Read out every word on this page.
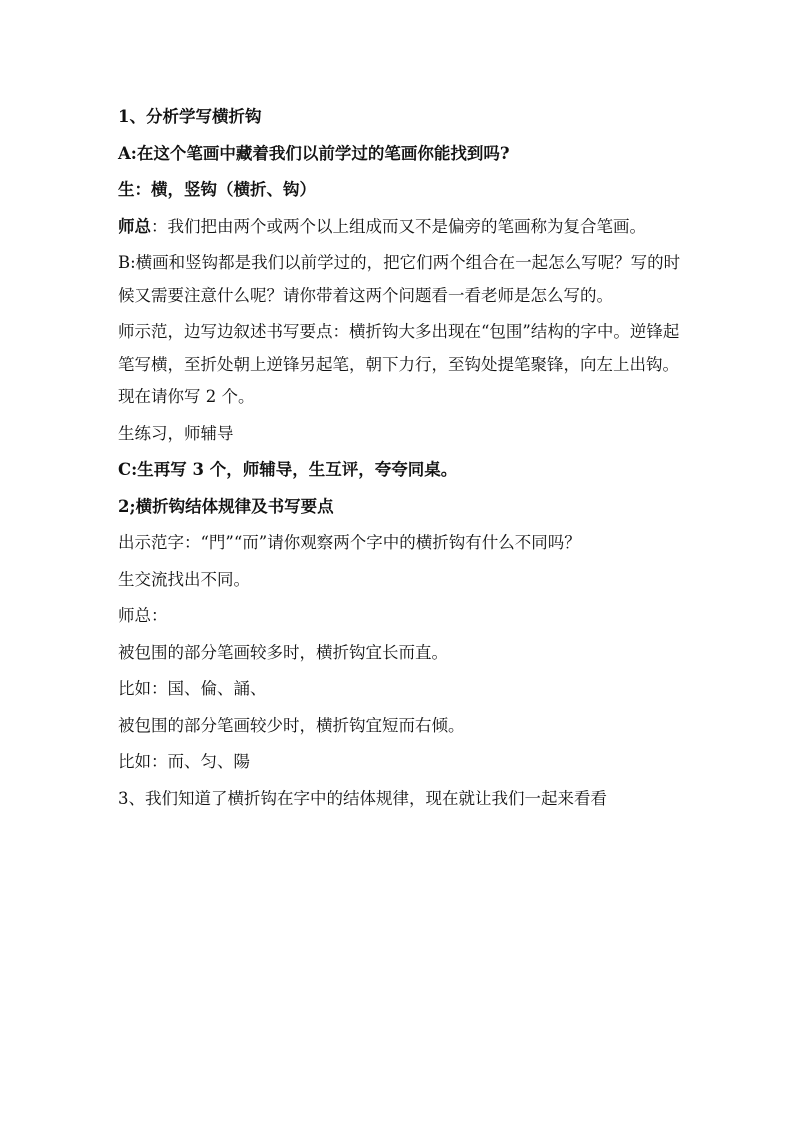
1、分析学写横折钩

A:在这个笔画中藏着我们以前学过的笔画你能找到吗?

生：横，竖钩（横折、钩）

师总：我们把由两个或两个以上组成而又不是偏旁的笔画称为复合笔画。

B:横画和竖钩都是我们以前学过的，把它们两个组合在一起怎么写呢？写的时候又需要注意什么呢？请你带着这两个问题看一看老师是怎么写的。

师示范，边写边叙述书写要点：横折钩大多出现在“包围”结构的字中。逆锋起笔写横，至折处朝上逆锋另起笔，朝下力行，至钩处提笔聚锋，向左上出钩。现在请你写 2 个。

生练习，师辅导

C:生再写 3 个，师辅导，生互评，夸夸同桌。

2;横折钩结体规律及书写要点

出示范字：“門”“而”请你观察两个字中的横折钩有什么不同吗？

生交流找出不同。

师总：

被包围的部分笔画较多时，横折钩宜长而直。

比如：国、倫、誦、

被包围的部分笔画较少时，横折钩宜短而右倾。

比如：而、匀、陽

3、我们知道了横折钩在字中的结体规律，现在就让我们一起来看看
